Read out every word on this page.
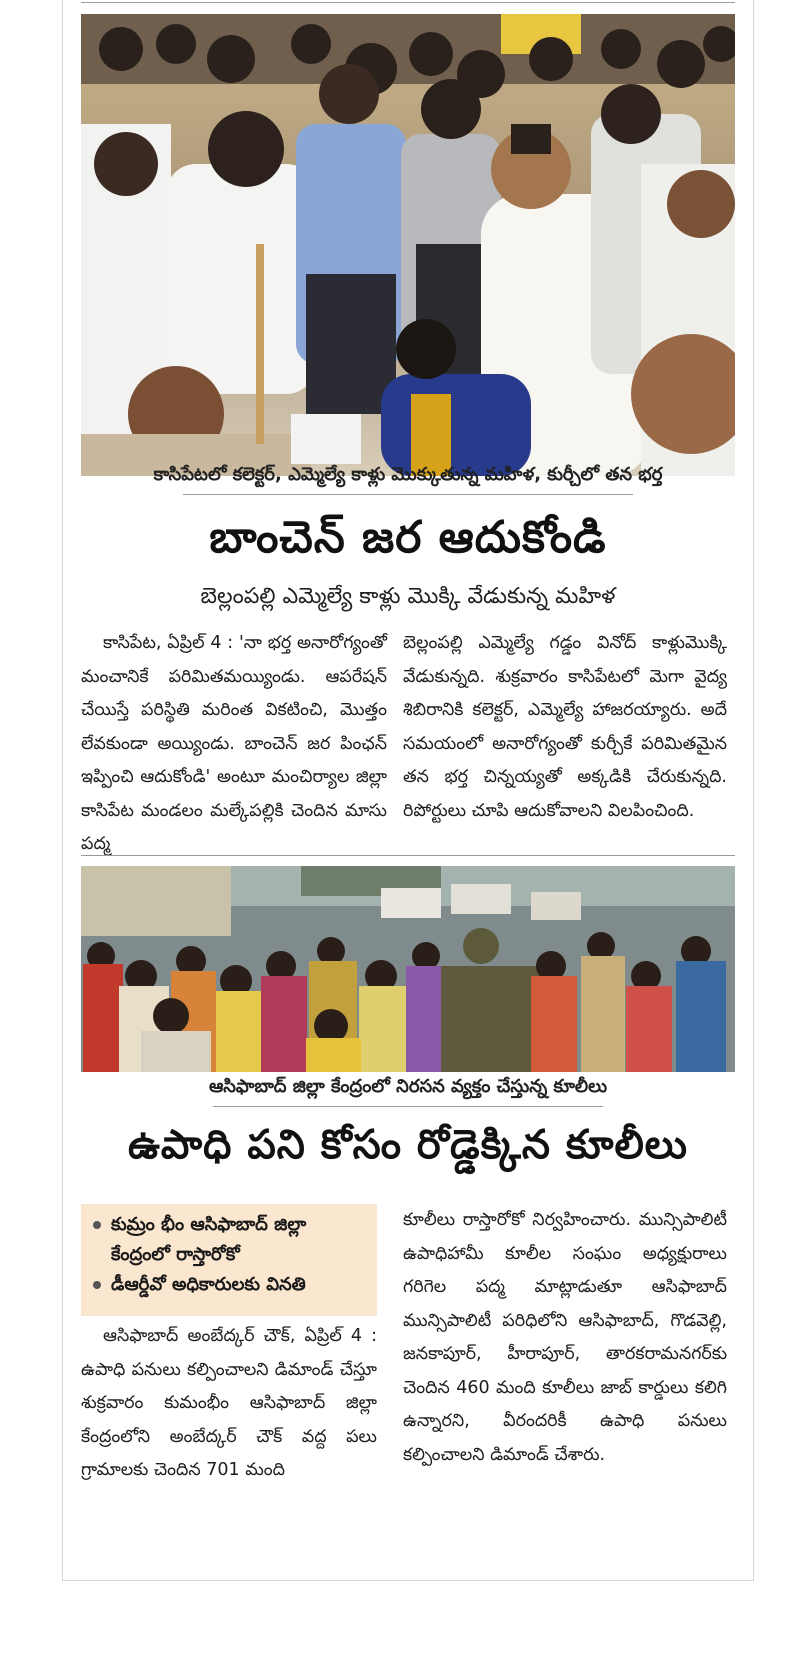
కాసిపేటలో కలెక్టర్, ఎమ్మెల్యే కాళ్లు మొక్కుతున్న మహిళ, కుర్చీలో తన భర్త
బాంచెన్ జర ఆదుకోండి
బెల్లంపల్లి ఎమ్మెల్యే కాళ్లు మొక్కి వేడుకున్న మహిళ

కాసిపేట, ఏప్రిల్ 4 : 'నా భర్త అనారోగ్యంతో మంచానికే పరిమితమయ్యిండు. ఆపరేషన్ చేయిస్తే పరిస్థితి మరింత వికటించి, మొత్తం లేవకుండా అయ్యిండు. బాంచెన్ జర పింఛన్ ఇప్పించి ఆదుకోండి' అంటూ మంచిర్యాల జిల్లా కాసిపేట మండలం మల్కేపల్లికి చెందిన మాసు పద్మ

బెల్లంపల్లి ఎమ్మెల్యే గడ్డం వినోద్ కాళ్లుమొక్కి వేడుకున్నది. శుక్రవారం కాసిపేటలో మెగా వైద్య శిబిరానికి కలెక్టర్, ఎమ్మెల్యే హాజరయ్యారు. అదే సమయంలో అనారోగ్యంతో కుర్చీకే పరిమితమైన తన భర్త చిన్నయ్యతో అక్కడికి చేరుకున్నది. రిపోర్టులు చూపి ఆదుకోవాలని విలపించింది.

ఆసిఫాబాద్ జిల్లా కేంద్రంలో నిరసన వ్యక్తం చేస్తున్న కూలీలు
ఉపాధి పని కోసం రోడ్డెక్కిన కూలీలు
కుమ్రం భీం ఆసిఫాబాద్ జిల్లా కేంద్రంలో రాస్తారోకో
డీఆర్డీవో అధికారులకు వినతి

ఆసిఫాబాద్ అంబేద్కర్ చౌక్, ఏప్రిల్ 4 : ఉపాధి పనులు కల్పించాలని డిమాండ్ చేస్తూ శుక్రవారం కుమంభీం ఆసిఫాబాద్ జిల్లా కేంద్రంలోని అంబేద్కర్ చౌక్ వద్ద పలు గ్రామాలకు చెందిన 701 మంది

కూలీలు రాస్తారోకో నిర్వహించారు. మున్సిపాలిటీ ఉపాధిహామీ కూలీల సంఘం అధ్యక్షురాలు గరిగెల పద్మ మాట్లాడుతూ ఆసిఫాబాద్ మున్సిపాలిటీ పరిధిలోని ఆసిఫాబాద్, గొడవెల్లి, జనకాపూర్, హీరాపూర్, తారకరామనగర్‌కు చెందిన 460 మంది కూలీలు జాబ్ కార్డులు కలిగి ఉన్నారని, వీరందరికీ ఉపాధి పనులు కల్పించాలని డిమాండ్ చేశారు.
